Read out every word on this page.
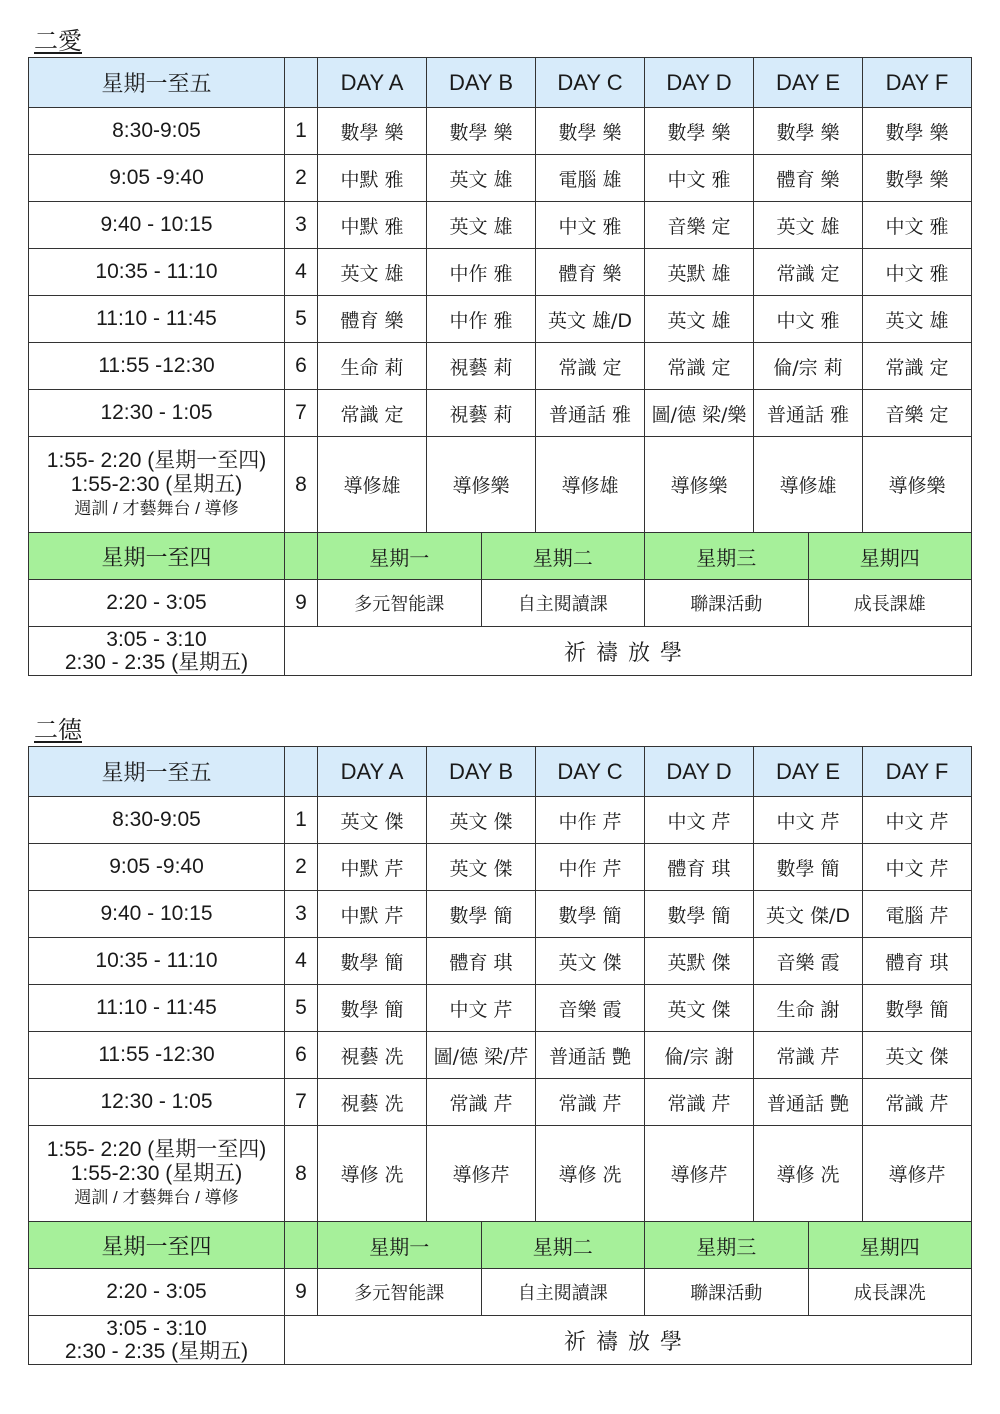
二愛
星期一至五		DAY A	DAY B	DAY C	DAY D	DAY E	DAY F
8:30-9:05	1	數學 樂	數學 樂	數學 樂	數學 樂	數學 樂	數學 樂
9:05 -9:40	2	中默 雅	英文 雄	電腦 雄	中文 雅	體育 樂	數學 樂
9:40 - 10:15	3	中默 雅	英文 雄	中文 雅	音樂 定	英文 雄	中文 雅
10:35 - 11:10	4	英文 雄	中作 雅	體育 樂	英默 雄	常識 定	中文 雅
11:10 - 11:45	5	體育 樂	中作 雅	英文 雄/D	英文 雄	中文 雅	英文 雄
11:55 -12:30	6	生命 莉	視藝 莉	常識 定	常識 定	倫/宗 莉	常識 定
12:30 - 1:05	7	常識 定	視藝 莉	普通話 雅	圖/德 梁/樂	普通話 雅	音樂 定

1:55- 2:20 (星期一至四)
1:55-2:30 (星期五)
週訓 / 才藝舞台 / 導修	8	導修雄	導修樂	導修雄	導修樂	導修雄	導修樂
星期一至四		星期一 星期二 星期三 星期四					

2:20 - 3:05	9	多元智能課 自主閱讀課 聯課活動 成長課雄					

3:05 - 3:10
2:30 - 2:35 (星期五)	祈禱放學						
二德
星期一至五		DAY A	DAY B	DAY C	DAY D	DAY E	DAY F
8:30-9:05	1	英文 傑	英文 傑	中作 芹	中文 芹	中文 芹	中文 芹
9:05 -9:40	2	中默 芹	英文 傑	中作 芹	體育 琪	數學 簡	中文 芹
9:40 - 10:15	3	中默 芹	數學 簡	數學 簡	數學 簡	英文 傑/D	電腦 芹
10:35 - 11:10	4	數學 簡	體育 琪	英文 傑	英默 傑	音樂 霞	體育 琪
11:10 - 11:45	5	數學 簡	中文 芹	音樂 霞	英文 傑	生命 謝	數學 簡
11:55 -12:30	6	視藝 冼	圖/德 梁/芹	普通話 艷	倫/宗 謝	常識 芹	英文 傑
12:30 - 1:05	7	視藝 冼	常識 芹	常識 芹	常識 芹	普通話 艷	常識 芹

1:55- 2:20 (星期一至四)
1:55-2:30 (星期五)
週訓 / 才藝舞台 / 導修	8	導修 冼	導修芹	導修 冼	導修芹	導修 冼	導修芹
星期一至四		星期一 星期二 星期三 星期四					

2:20 - 3:05	9	多元智能課 自主閱讀課 聯課活動 成長課冼					

3:05 - 3:10
2:30 - 2:35 (星期五)	祈禱放學						
